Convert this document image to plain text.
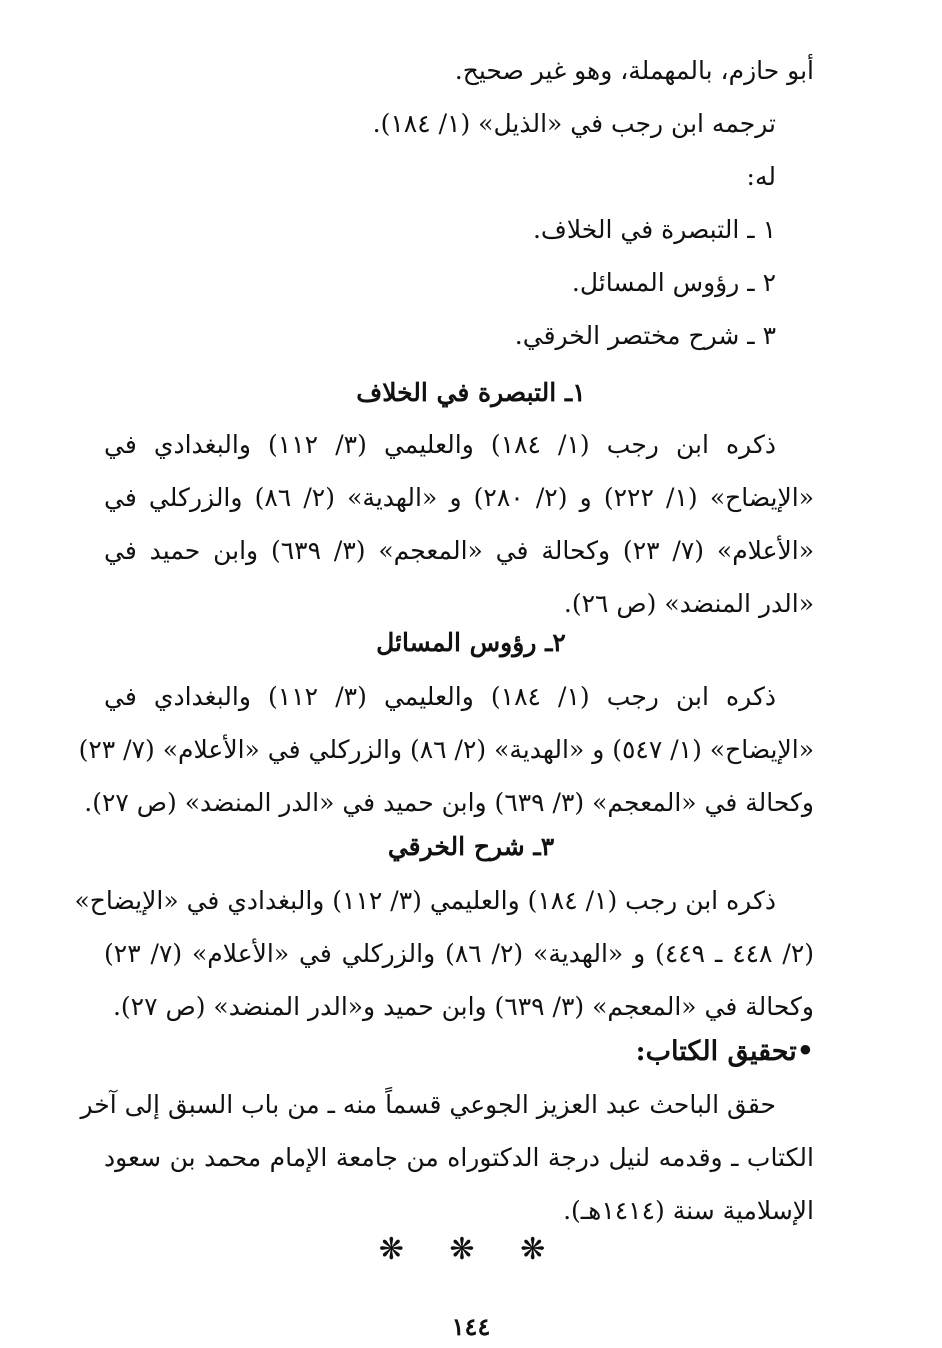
أبو حازم، بالمهملة، وهو غير صحيح.
ترجمه ابن رجب في «الذيل» (١/ ١٨٤).
له:
١ ـ التبصرة في الخلاف.
٢ ـ رؤوس المسائل.
٣ ـ شرح مختصر الخرقي.
١ـ التبصرة في الخلاف
ذكره ابن رجب (١/ ١٨٤) والعليمي (٣/ ١١٢) والبغدادي في
«الإيضاح» (١/ ٢٢٢) و (٢/ ٢٨٠) و «الهدية» (٢/ ٨٦) والزركلي في
«الأعلام» (٧/ ٢٣) وكحالة في «المعجم» (٣/ ٦٣٩) وابن حميد في
«الدر المنضد» (ص ٢٦).
٢ـ رؤوس المسائل
ذكره ابن رجب (١/ ١٨٤) والعليمي (٣/ ١١٢) والبغدادي في
«الإيضاح» (١/ ٥٤٧) و «الهدية» (٢/ ٨٦) والزركلي في «الأعلام» (٧/ ٢٣)
وكحالة في «المعجم» (٣/ ٦٣٩) وابن حميد في «الدر المنضد» (ص ٢٧).
٣ـ شرح الخرقي
ذكره ابن رجب (١/ ١٨٤) والعليمي (٣/ ١١٢) والبغدادي في «الإيضاح»
(٢/ ٤٤٨ ـ ٤٤٩) و «الهدية» (٢/ ٨٦) والزركلي في «الأعلام» (٧/ ٢٣)
وكحالة في «المعجم» (٣/ ٦٣٩) وابن حميد و«الدر المنضد» (ص ٢٧).
•تحقيق الكتاب:
حقق الباحث عبد العزيز الجوعي قسماً منه ـ من باب السبق إلى آخر
الكتاب ـ وقدمه لنيل درجة الدكتوراه من جامعة الإمام محمد بن سعود
الإسلامية سنة (١٤١٤هـ).
❋ ❋ ❋
١٤٤
